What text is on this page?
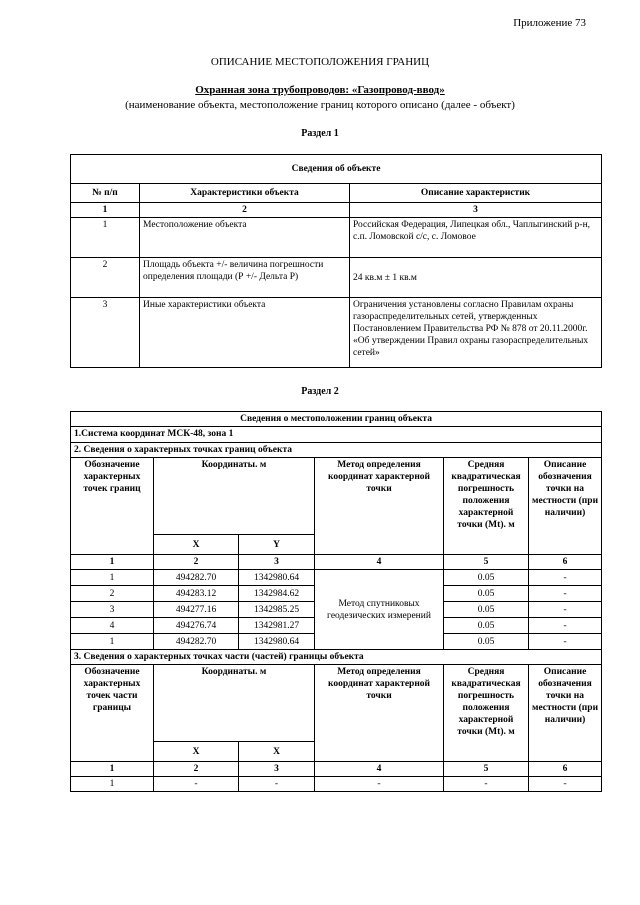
Приложение 73
ОПИСАНИЕ МЕСТОПОЛОЖЕНИЯ ГРАНИЦ
Охранная зона трубопроводов: «Газопровод-ввод»
(наименование объекта, местоположение границ которого описано (далее - объект)
Раздел 1
Сведения об объекте		
№ п/п	Характеристики объекта	Описание характеристик
1	2	3
1	Местоположение объекта	Российская Федерация, Липецкая обл., Чаплыгинский р-н, с.п. Ломовской с/с, с. Ломовое
2	Площадь объекта +/- величина погрешности определения площади (Р +/- Дельта Р)	24 кв.м ± 1 кв.м
3	Иные характеристики объекта	Ограничения установлены согласно Правилам охраны газораспределительных сетей, утвержденных Постановлением Правительства РФ № 878 от 20.11.2000г. «Об утверждении Правил охраны газораспределительных сетей»
Раздел 2
Сведения о местоположении границ объекта					
1.Система координат МСК-48, зона 1					
2. Сведения о характерных точках границ объекта					
Обозначение характерных точек границ	Координаты. м		Метод определения координат характерной точки	Средняя квадратическая погрешность положения характерной точки (Mt). м	Описание обозначения точки на местности (при наличии)
	X	Y			
1	2	3	4	5	6
1	494282.70	1342980.64	Метод спутниковых геодезических измерений	0.05	-
2	494283.12	1342984.62		0.05	-
3	494277.16	1342985.25		0.05	-
4	494276.74	1342981.27		0.05	-
1	494282.70	1342980.64		0.05	-
3. Сведения о характерных точках части (частей) границы объекта					
Обозначение характерных точек части границы	Координаты. м		Метод определения координат характерной точки	Средняя квадратическая погрешность положения характерной точки (Mt). м	Описание обозначения точки на местности (при наличии)
	X	X			
1	2	3	4	5	6
1	-	-	-	-	-
